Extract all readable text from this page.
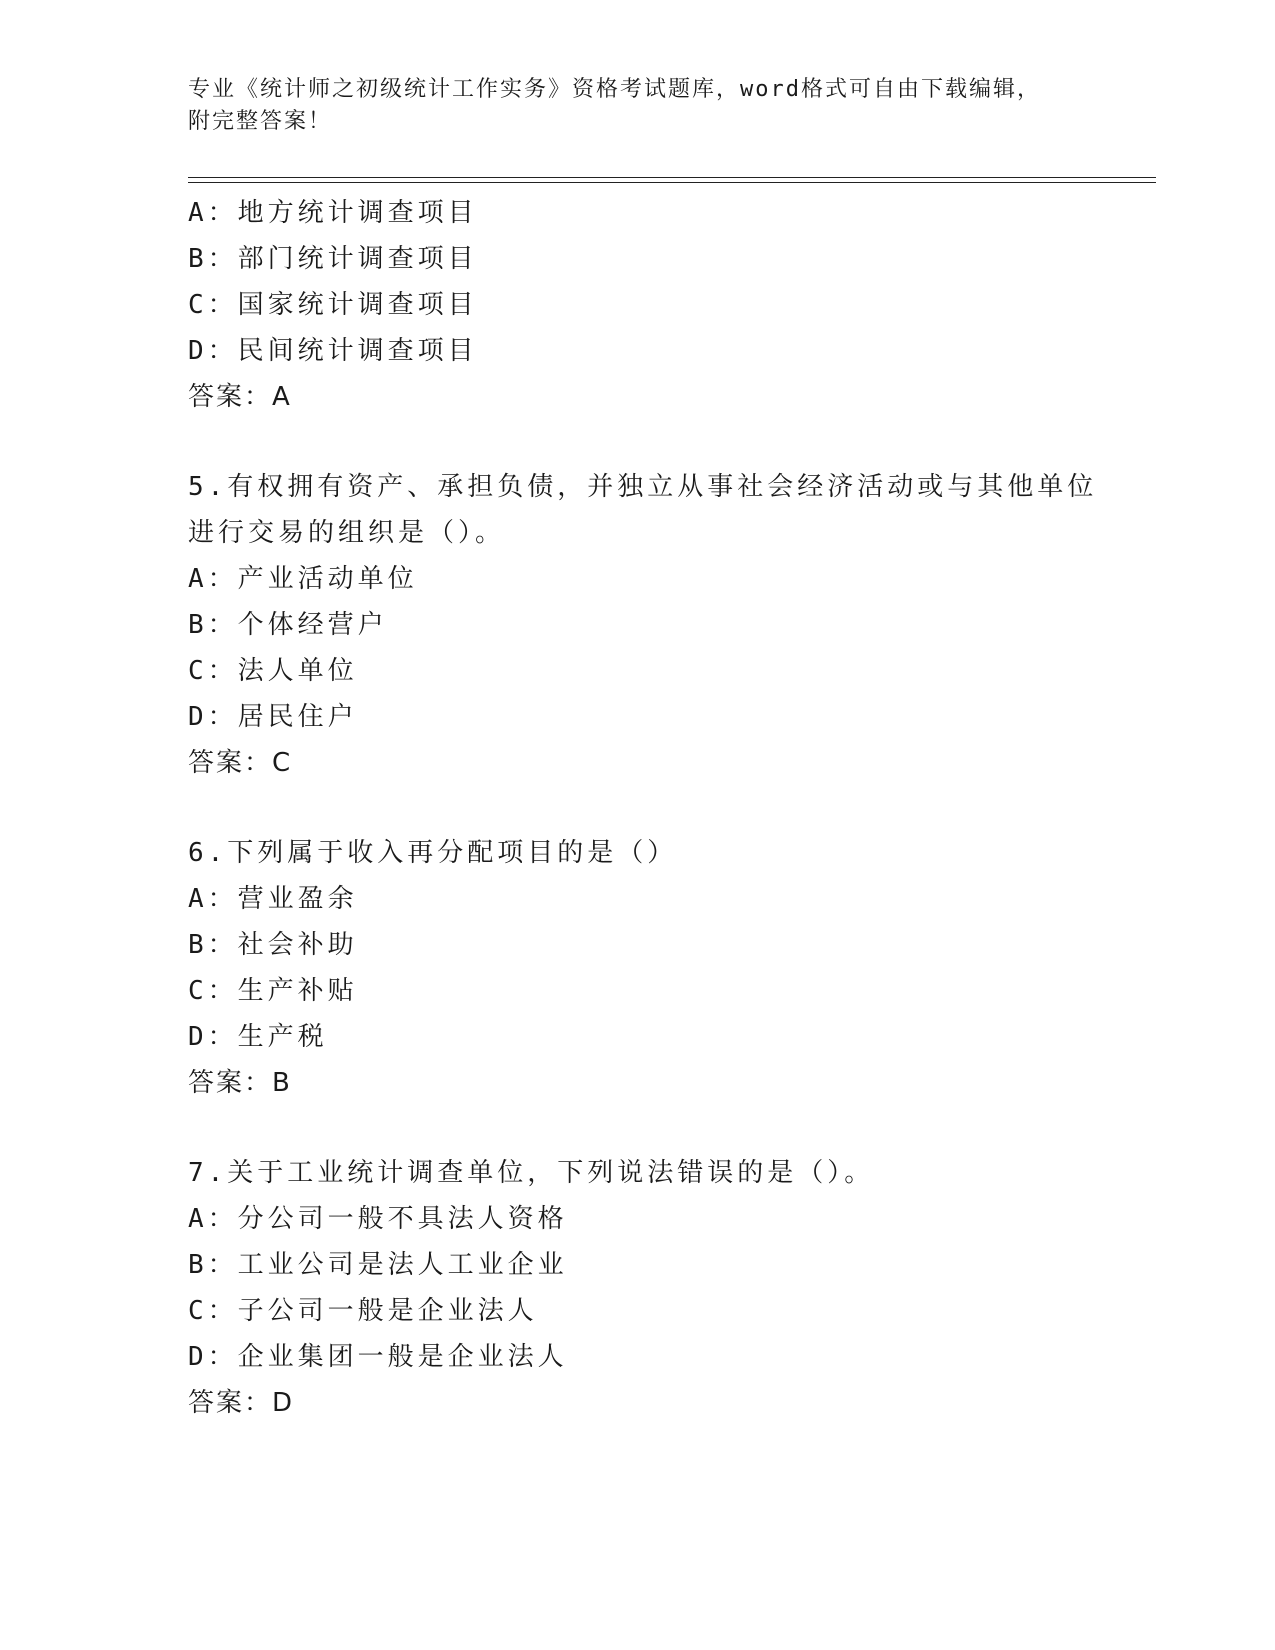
专业《统计师之初级统计工作实务》资格考试题库，word格式可自由下载编辑，
附完整答案！
A：地方统计调查项目
B：部门统计调查项目
C：国家统计调查项目
D：民间统计调查项目
答案：A
5.有权拥有资产、承担负债，并独立从事社会经济活动或与其他单位
进行交易的组织是（）。
A：产业活动单位
B：个体经营户
C：法人单位
D：居民住户
答案：C
6.下列属于收入再分配项目的是（）
A：营业盈余
B：社会补助
C：生产补贴
D：生产税
答案：B
7.关于工业统计调查单位，下列说法错误的是（）。
A：分公司一般不具法人资格
B：工业公司是法人工业企业
C：子公司一般是企业法人
D：企业集团一般是企业法人
答案：D
